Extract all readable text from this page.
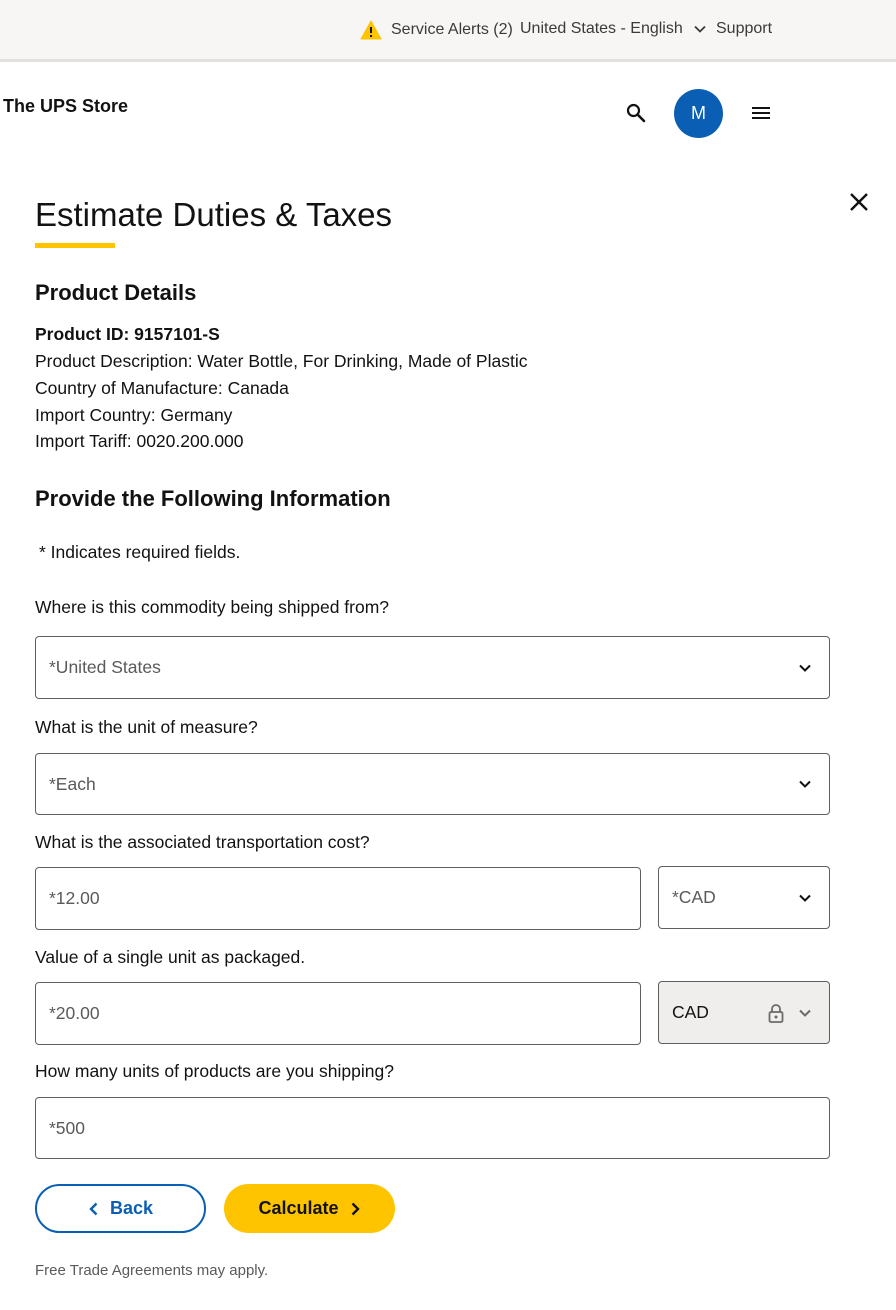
Service Alerts (2) United States - English Support
The UPS Store	M
Estimate Duties & Taxes
Product Details
Product ID: 9157101-S
Product Description: Water Bottle, For Drinking, Made of Plastic
Country of Manufacture: Canada
Import Country: Germany
Import Tariff: 0020.200.000
Provide the Following Information
* Indicates required fields.
Where is this commodity being shipped from?
*United States
What is the unit of measure?
*Each
What is the associated transportation cost?
*12.00	*CAD
Value of a single unit as packaged.
*20.00	CAD
How many units of products are you shipping?
*500
Back	Calculate
Free Trade Agreements may apply.
